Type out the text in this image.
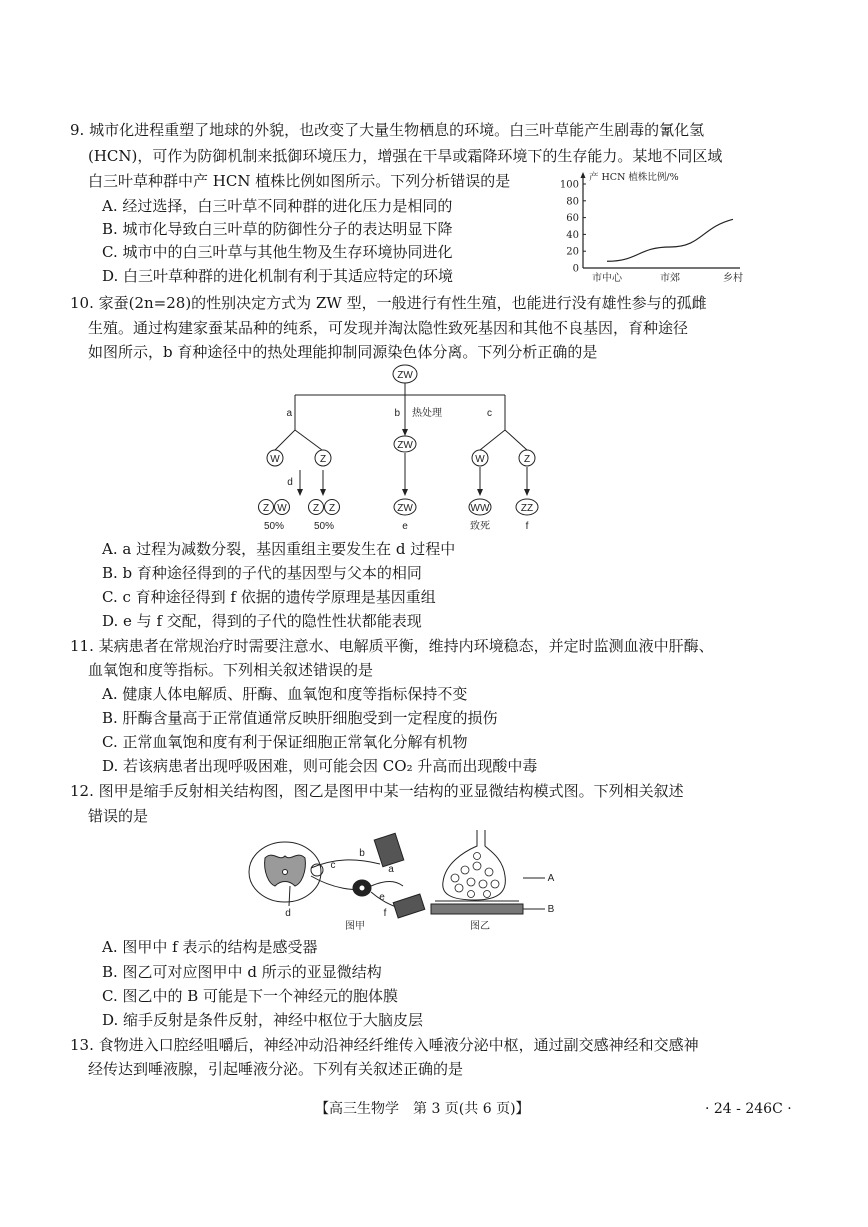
9. 城市化进程重塑了地球的外貌，也改变了大量生物栖息的环境。白三叶草能产生剧毒的氰化氢
(HCN)，可作为防御机制来抵御环境压力，增强在干旱或霜降环境下的生存能力。某地不同区域
白三叶草种群中产 HCN 植株比例如图所示。下列分析错误的是
A. 经过选择，白三叶草不同种群的进化压力是相同的
B. 城市化导致白三叶草的防御性分子的表达明显下降
C. 城市中的白三叶草与其他生物及生存环境协同进化
D. 白三叶草种群的进化机制有利于其适应特定的环境
产 HCN 植株比例/%
0
20
40
60
80
100
市中心	市郊	乡村
10. 家蚕(2n=28)的性别决定方式为 ZW 型，一般进行有性生殖，也能进行没有雄性参与的孤雌
生殖。通过构建家蚕某品种的纯系，可发现并淘汰隐性致死基因和其他不良基因，育种途径
如图所示，b 育种途径中的热处理能抑制同源染色体分离。下列分析正确的是
ZW
a	b 热处理	c
W	Z
d
Z W	Z Z
50%	50%
ZW
ZW
e
W	Z
WW	ZZ
致死	f
A. a 过程为减数分裂，基因重组主要发生在 d 过程中
B. b 育种途径得到的子代的基因型与父本的相同
C. c 育种途径得到 f 依据的遗传学原理是基因重组
D. e 与 f 交配，得到的子代的隐性性状都能表现
11. 某病患者在常规治疗时需要注意水、电解质平衡，维持内环境稳态，并定时监测血液中肝酶、
血氧饱和度等指标。下列相关叙述错误的是
A. 健康人体电解质、肝酶、血氧饱和度等指标保持不变
B. 肝酶含量高于正常值通常反映肝细胞受到一定程度的损伤
C. 正常血氧饱和度有利于保证细胞正常氧化分解有机物
D. 若该病患者出现呼吸困难，则可能会因 CO₂ 升高而出现酸中毒
12. 图甲是缩手反射相关结构图，图乙是图甲中某一结构的亚显微结构模式图。下列相关叙述
错误的是
b
c	a
d
e
f
A
B
图甲	图乙
A. 图甲中 f 表示的结构是感受器
B. 图乙可对应图甲中 d 所示的亚显微结构
C. 图乙中的 B 可能是下一个神经元的胞体膜
D. 缩手反射是条件反射，神经中枢位于大脑皮层
13. 食物进入口腔经咀嚼后，神经冲动沿神经纤维传入唾液分泌中枢，通过副交感神经和交感神
经传达到唾液腺，引起唾液分泌。下列有关叙述正确的是
【高三生物学　第 3 页(共 6 页)】	· 24 - 246C ·
